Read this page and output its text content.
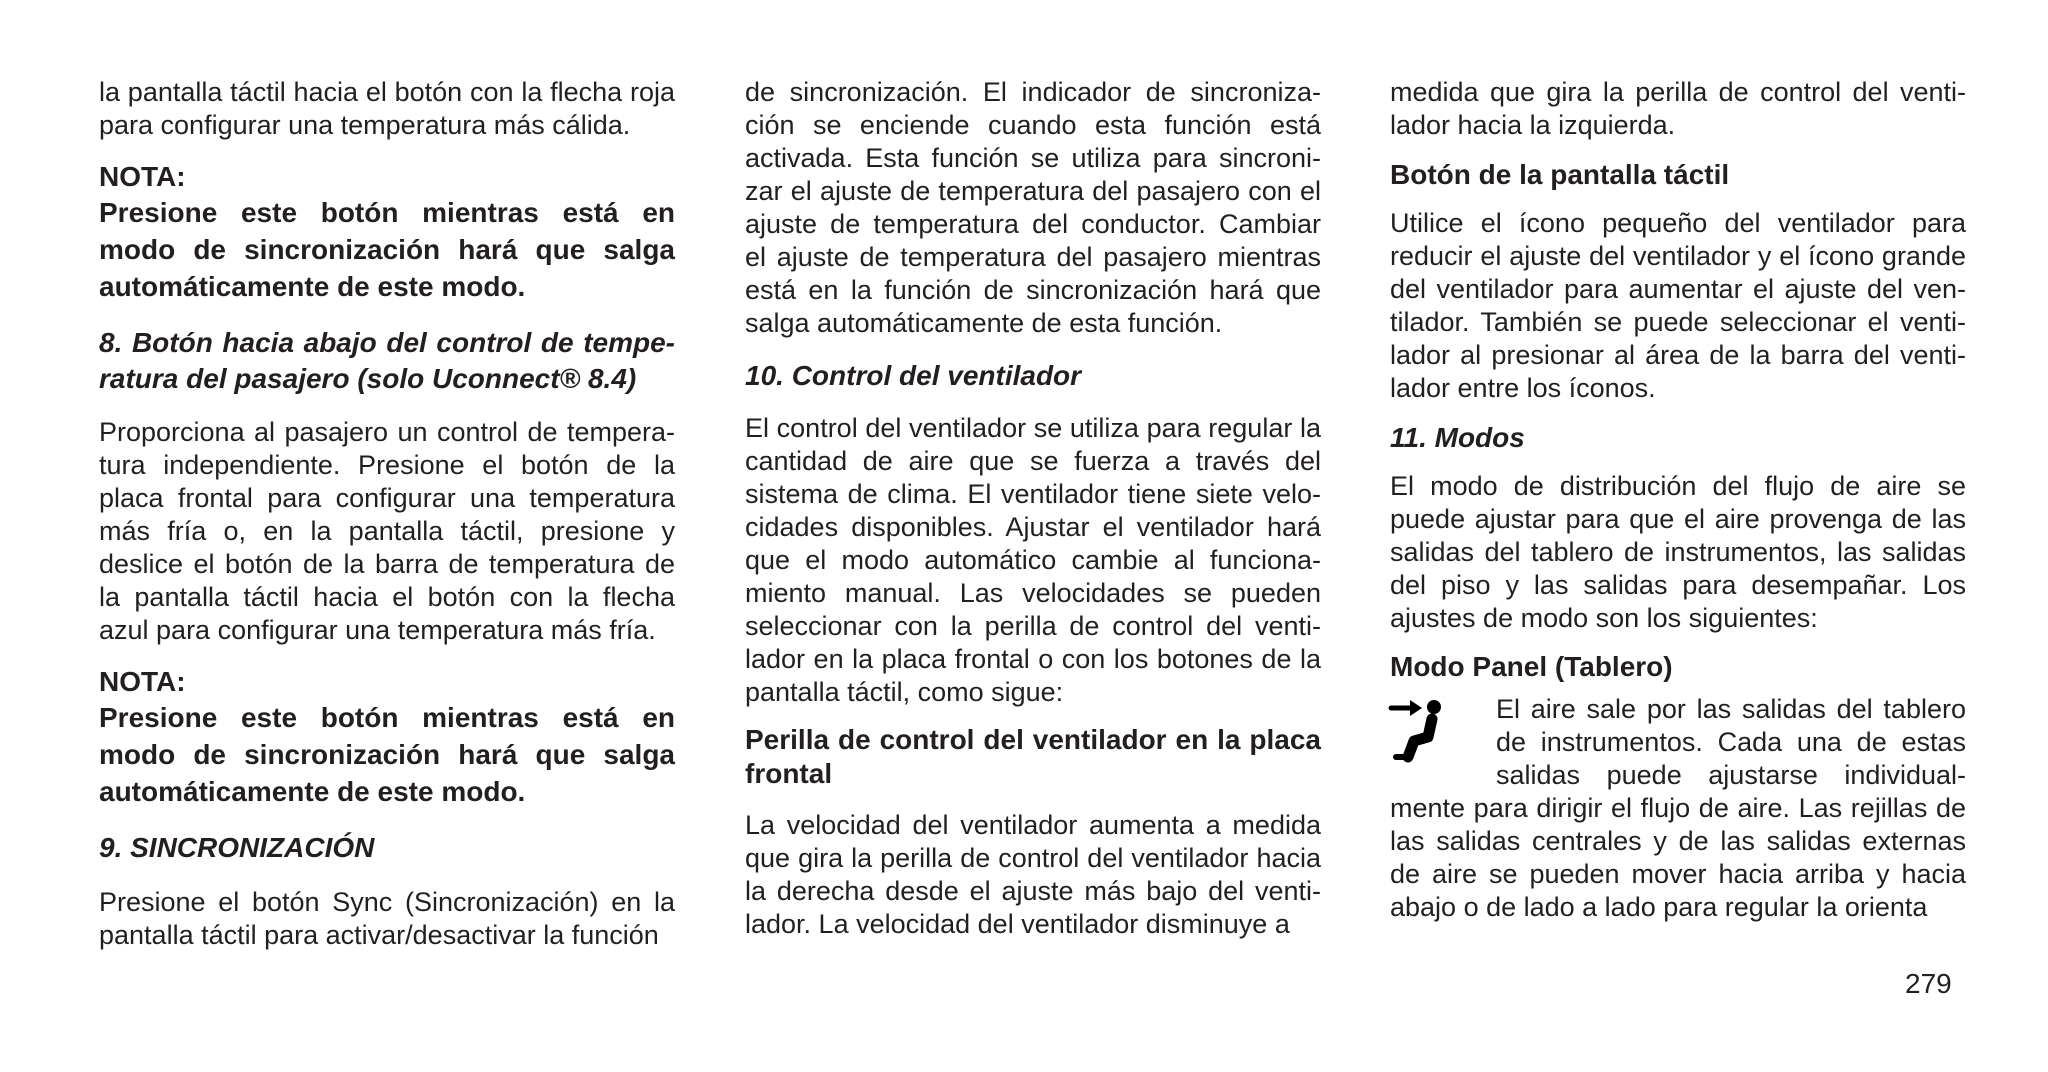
la pantalla táctil hacia el botón con la flecha roja para configurar una temperatura más cálida.

NOTA:

Presione este botón mientras está en modo de sincronización hará que salga automáticamente de este modo.

8. Botón hacia abajo del control de temperatura del pasajero (solo Uconnect® 8.4)

Proporciona al pasajero un control de temperatura independiente. Presione el botón de la placa frontal para configurar una temperatura más fría o, en la pantalla táctil, presione y deslice el botón de la barra de temperatura de la pantalla táctil hacia el botón con la flecha azul para configurar una temperatura más fría.

NOTA:

Presione este botón mientras está en modo de sincronización hará que salga automáticamente de este modo.

9. SINCRONIZACIÓN

Presione el botón Sync (Sincronización) en la pantalla táctil para activar/desactivar la función

de sincronización. El indicador de sincronización se enciende cuando esta función está activada. Esta función se utiliza para sincronizar el ajuste de temperatura del pasajero con el ajuste de temperatura del conductor. Cambiar el ajuste de temperatura del pasajero mientras está en la función de sincronización hará que salga automáticamente de esta función.

10. Control del ventilador

El control del ventilador se utiliza para regular la cantidad de aire que se fuerza a través del sistema de clima. El ventilador tiene siete velocidades disponibles. Ajustar el ventilador hará que el modo automático cambie al funcionamiento manual. Las velocidades se pueden seleccionar con la perilla de control del ventilador en la placa frontal o con los botones de la pantalla táctil, como sigue:

Perilla de control del ventilador en la placa frontal

La velocidad del ventilador aumenta a medida que gira la perilla de control del ventilador hacia la derecha desde el ajuste más bajo del ventilador. La velocidad del ventilador disminuye a

medida que gira la perilla de control del ventilador hacia la izquierda.

Botón de la pantalla táctil

Utilice el ícono pequeño del ventilador para reducir el ajuste del ventilador y el ícono grande del ventilador para aumentar el ajuste del ventilador. También se puede seleccionar el ventilador al presionar al área de la barra del ventilador entre los íconos.

11. Modos

El modo de distribución del flujo de aire se puede ajustar para que el aire provenga de las salidas del tablero de instrumentos, las salidas del piso y las salidas para desempañar. Los ajustes de modo son los siguientes:

Modo Panel (Tablero)

El aire sale por las salidas del tablero de instrumentos. Cada una de estas salidas puede ajustarse individualmente para dirigir el flujo de aire. Las rejillas de las salidas centrales y de las salidas externas de aire se pueden mover hacia arriba y hacia abajo o de lado a lado para regular la orienta

279
